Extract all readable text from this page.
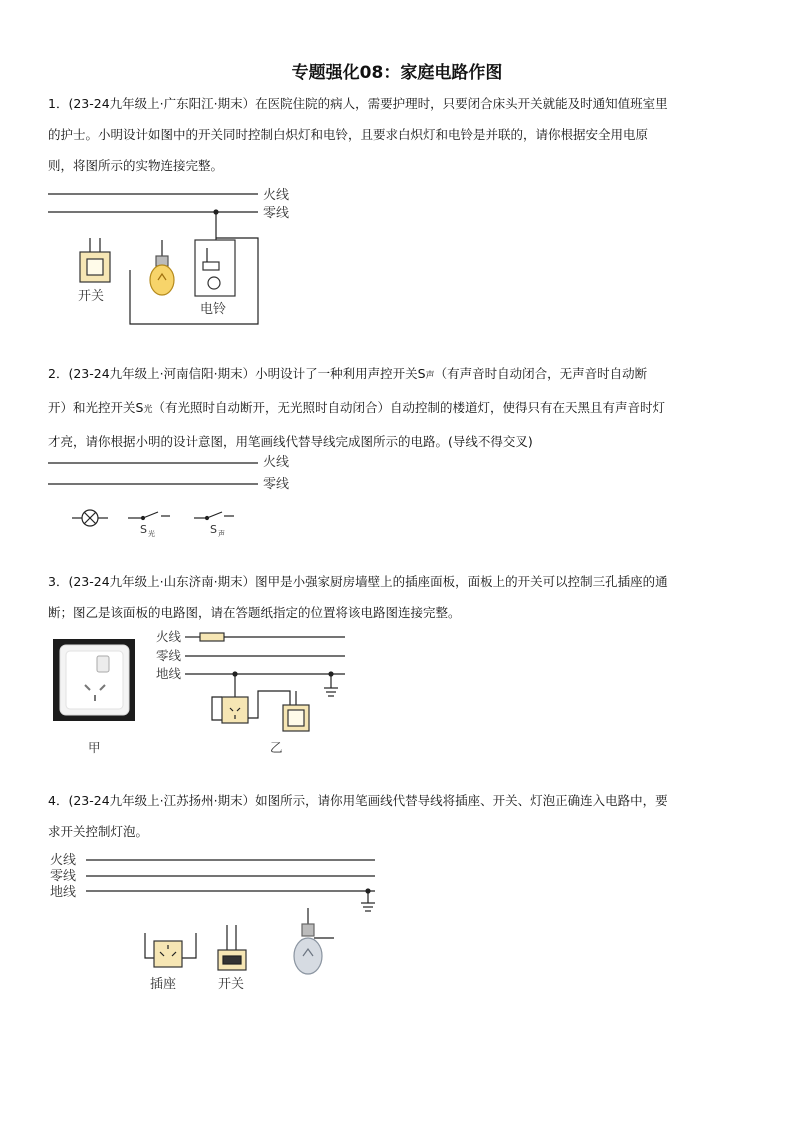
专题强化08：家庭电路作图
1．(23-24九年级上·广东阳江·期末）在医院住院的病人，需要护理时，只要闭合床头开关就能及时通知值班室里
的护士。小明设计如图中的开关同时控制白炽灯和电铃，且要求白炽灯和电铃是并联的，请你根据安全用电原
则，将图所示的实物连接完整。
火线
零线
开关
电铃
火线
零线
S 光	S 声
火线
零线
地线
甲	乙
火线
零线
地线
插座	开关
2．(23-24九年级上·河南信阳·期末）小明设计了一种利用声控开关S声（有声音时自动闭合，无声音时自动断
开）和光控开关S光（有光照时自动断开，无光照时自动闭合）自动控制的楼道灯，使得只有在天黑且有声音时灯
才亮，请你根据小明的设计意图，用笔画线代替导线完成图所示的电路。(导线不得交叉)
3．(23-24九年级上·山东济南·期末）图甲是小强家厨房墙壁上的插座面板，面板上的开关可以控制三孔插座的通
断；图乙是该面板的电路图，请在答题纸指定的位置将该电路图连接完整。
4．(23-24九年级上·江苏扬州·期末）如图所示，请你用笔画线代替导线将插座、开关、灯泡正确连入电路中，要
求开关控制灯泡。
